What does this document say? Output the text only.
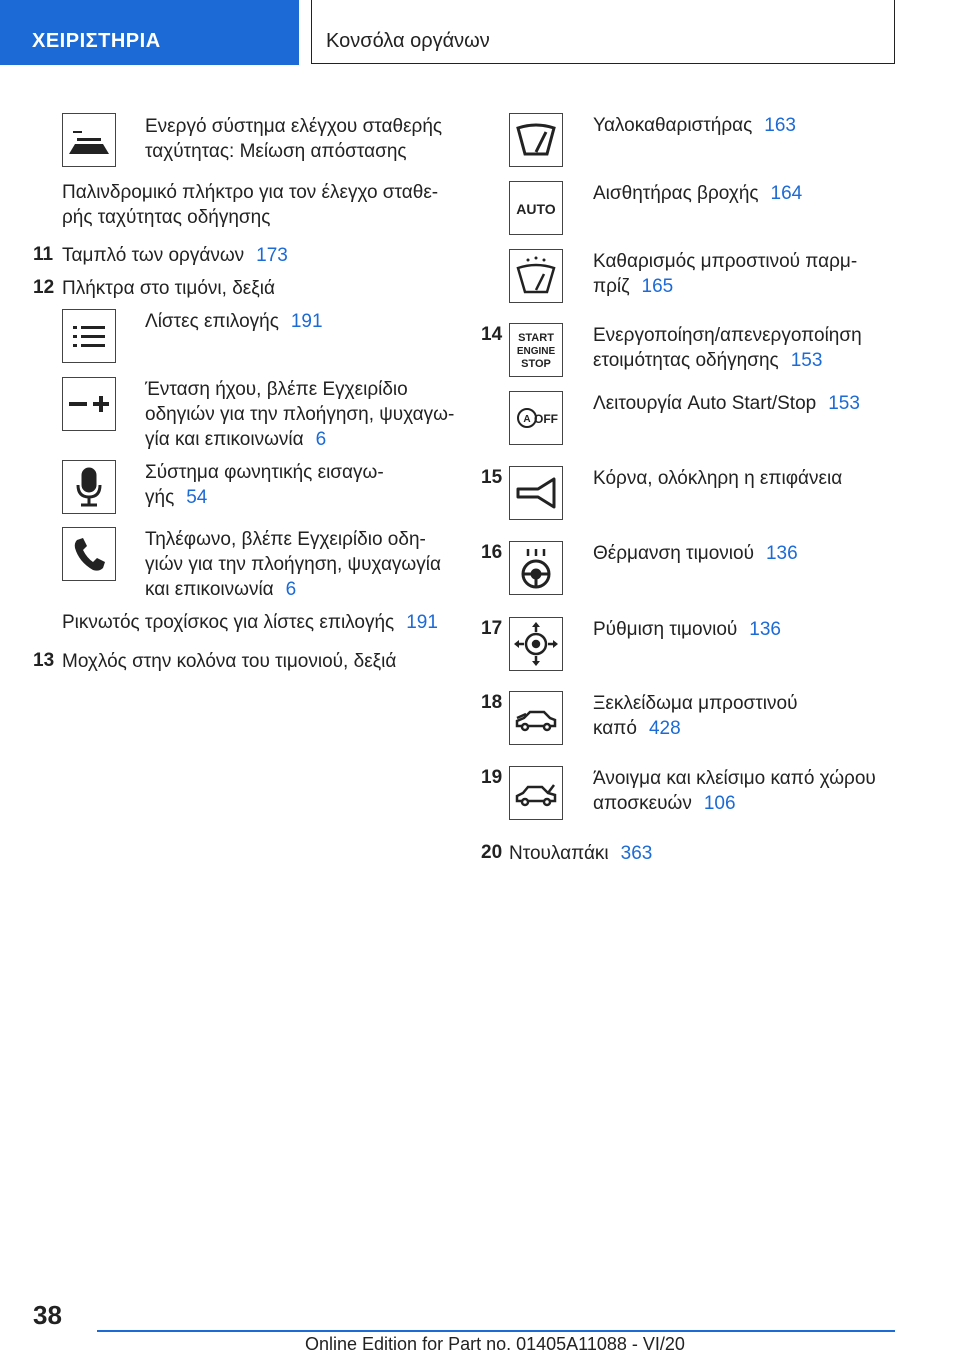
ΧΕΙΡΙΣΤΗΡΙΑ	Κονσόλα οργάνων
Ενεργό σύστημα ελέγχου σταθερής ταχύτητας: Μείωση απόστασης
Παλινδρομικό πλήκτρο για τον έλεγχο σταθε-
ρής ταχύτητας οδήγησης
11 Ταμπλό των οργάνων 173
12 Πλήκτρα στο τιμόνι, δεξιά
Λίστες επιλογής 191
Ένταση ήχου, βλέπε Εγχειρίδιο
οδηγιών για την πλοήγηση, ψυχαγω-
γία και επικοινωνία 6
Σύστημα φωνητικής εισαγω-
γής 54
Τηλέφωνο, βλέπε Εγχειρίδιο οδη-
γιών για την πλοήγηση, ψυχαγωγία
και επικοινωνία 6
Ρικνωτός τροχίσκος για λίστες επιλογής 191
13 Μοχλός στην κολόνα του τιμονιού, δεξιά
Υαλοκαθαριστήρας 163
AUTO
Αισθητήρας βροχής 164
Καθαρισμός μπροστινού παρμ-
πρίζ 165
14 START
ENGINE
STOP
Ενεργοποίηση/απενεργοποίηση
ετοιμότητας οδήγησης 153
A OFF
Λειτουργία Auto Start/Stop 153
15	Κόρνα, ολόκληρη η επιφάνεια
16	Θέρμανση τιμονιού 136
17	Ρύθμιση τιμονιού 136
18	Ξεκλείδωμα μπροστινού
καπό 428
19	Άνοιγμα και κλείσιμο καπό χώρου
αποσκευών 106
20 Ντουλαπάκι 363
38
Online Edition for Part no. 01405A11088 - VI/20
